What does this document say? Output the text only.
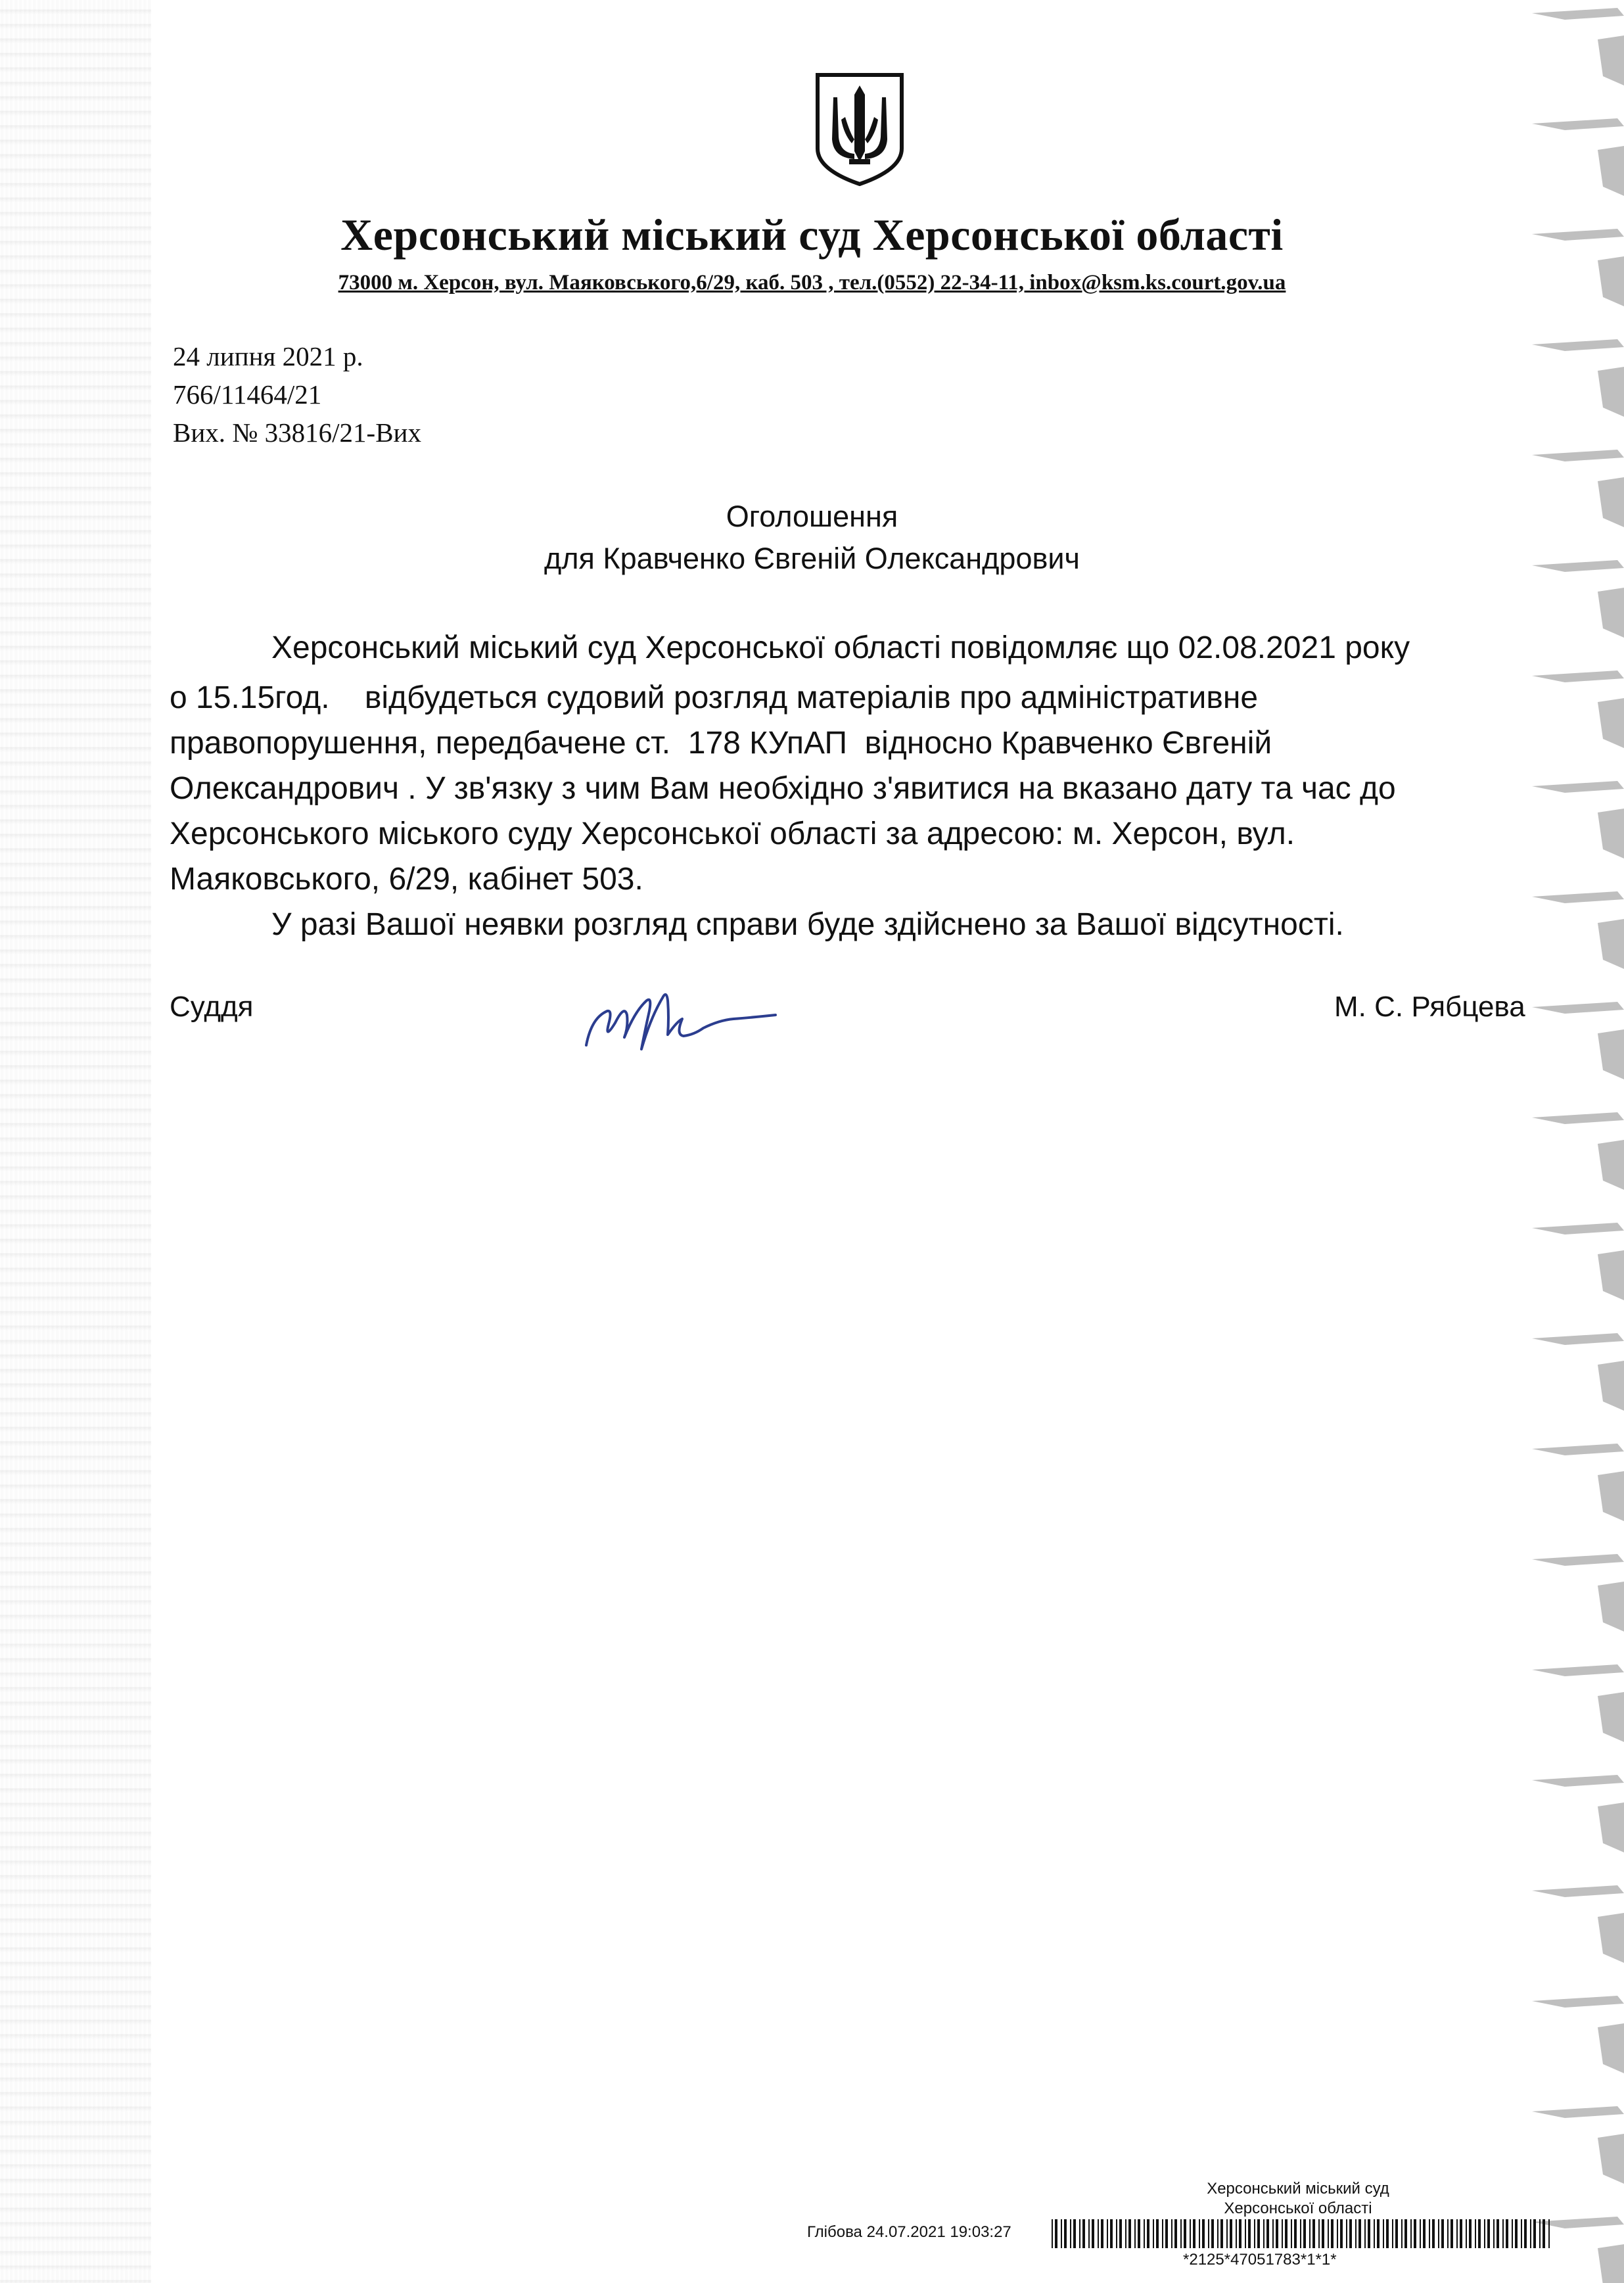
Херсонський міський суд Херсонської області
73000 м. Херсон, вул. Маяковського,6/29, каб. 503 , тел.(0552) 22-34-11, inbox@ksm.ks.court.gov.ua
24 липня 2021 р.
766/11464/21
Вих. № 33816/21-Вих
Оголошення
для Кравченко Євгеній Олександрович
Херсонський міський суд Херсонської області повідомляє що 02.08.2021 року
о 15.15год.    відбудеться судовий розгляд матеріалів про адміністративне
правопорушення, передбачене ст.  178 КУпАП  відносно Кравченко Євгеній
Олександрович . У зв'язку з чим Вам необхідно з'явитися на вказано дату та час до
Херсонського міського суду Херсонської області за адресою: м. Херсон, вул.
Маяковського, 6/29, кабінет 503.
У разі Вашої неявки розгляд справи буде здійснено за Вашої відсутності.
Суддя	М. С. Рябцева
Херсонський міський суд
Херсонської області
Глібова 24.07.2021 19:03:27
*2125*47051783*1*1*
